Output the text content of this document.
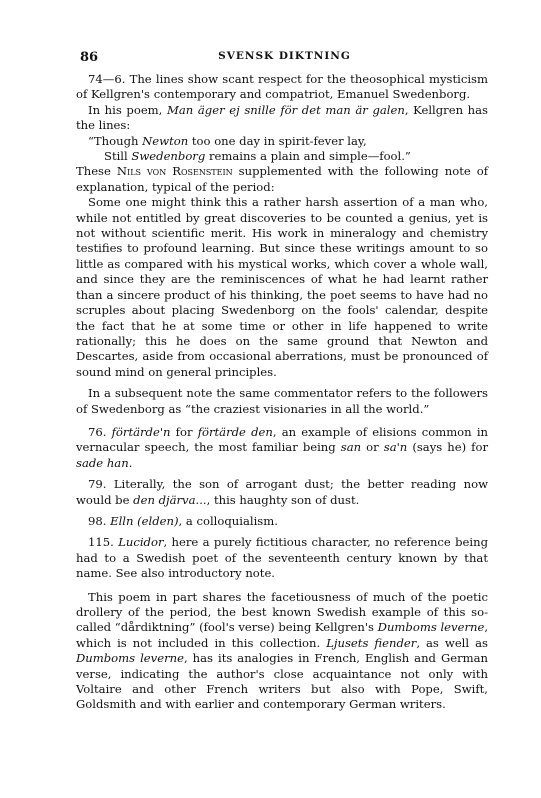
86	SVENSK DIKTNING

74—6. The lines show scant respect for the theosophical mysticism of Kellgren's contemporary and compatriot, Emanuel Swedenborg.

In his poem, Man äger ej snille för det man är galen, Kellgren has the lines:

“Though Newton too one day in spirit-fever lay,

Still Swedenborg remains a plain and simple—fool.”

These Nils von Rosenstein supplemented with the following note of explanation, typical of the period:

Some one might think this a rather harsh assertion of a man who, while not entitled by great discoveries to be counted a genius, yet is not without scientific merit. His work in mineralogy and chemistry testifies to profound learning. But since these writings amount to so little as compared with his mystical works, which cover a whole wall, and since they are the reminiscences of what he had learnt rather than a sincere product of his thinking, the poet seems to have had no scruples about placing Swedenborg on the fools' calendar, despite the fact that he at some time or other in life happened to write rationally; this he does on the same ground that Newton and Descartes, aside from occasional aberrations, must be pronounced of sound mind on general principles.

In a subsequent note the same commentator refers to the followers of Swedenborg as “the craziest visionaries in all the world.”

76. förtärde'n for förtärde den, an example of elisions common in vernacular speech, the most familiar being san or sa'n (says he) for sade han.

79. Literally, the son of arrogant dust; the better reading now would be den djärva..., this haughty son of dust.

98. Elln (elden), a colloquialism.

115. Lucidor, here a purely fictitious character, no reference being had to a Swedish poet of the seventeenth century known by that name. See also introductory note.

This poem in part shares the facetiousness of much of the poetic drollery of the period, the best known Swedish example of this so-called “dårdiktning” (fool's verse) being Kellgren's Dumboms leverne, which is not included in this collection. Ljusets fiender, as well as Dumboms leverne, has its analogies in French, English and German verse, indicating the author's close acquaintance not only with Voltaire and other French writers but also with Pope, Swift, Goldsmith and with earlier and contemporary German writers.
